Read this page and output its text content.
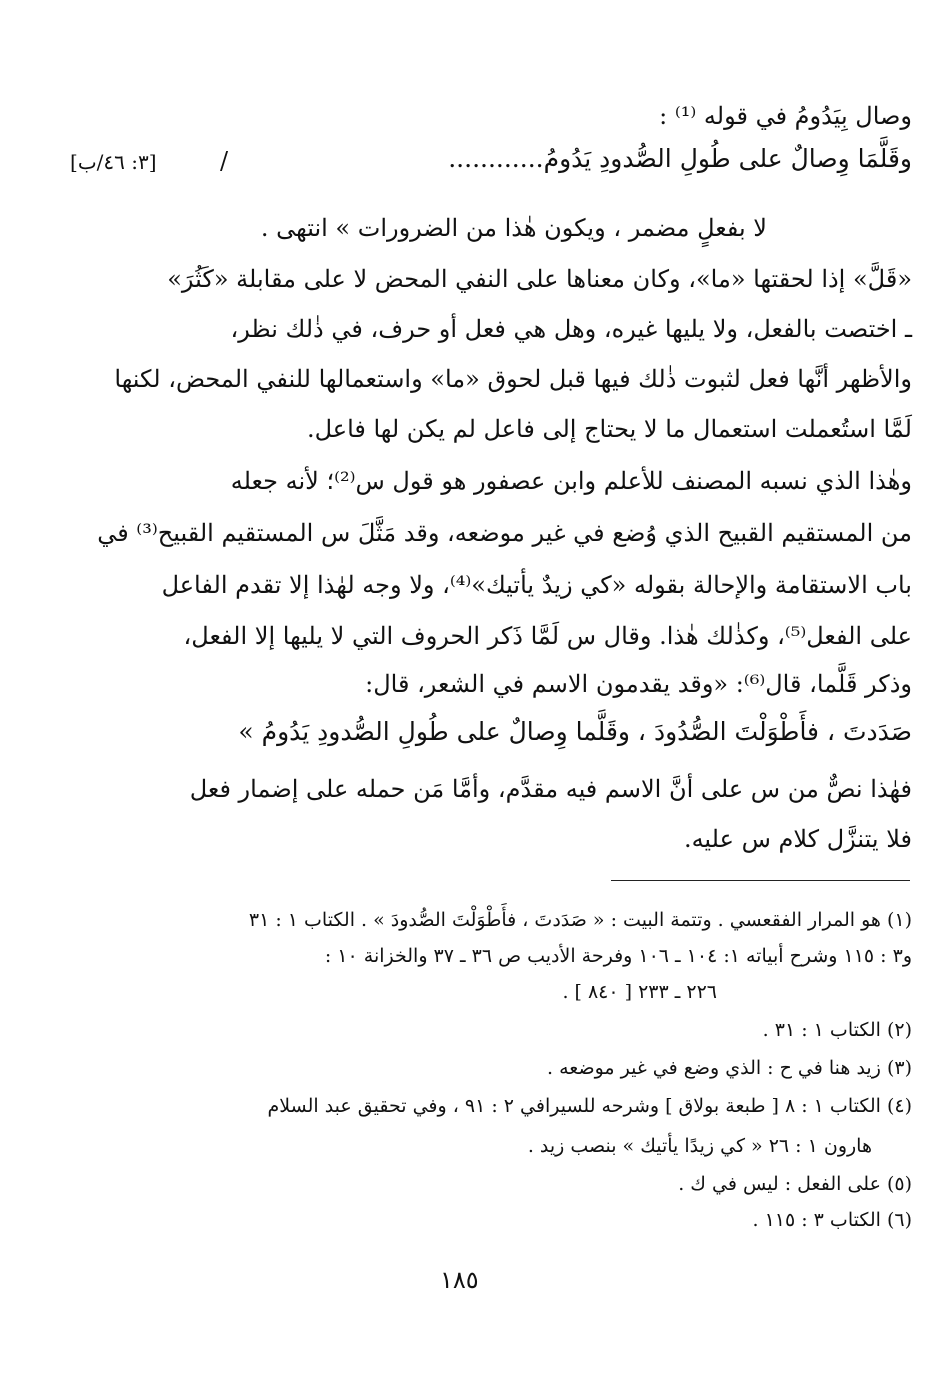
وصال بِيَدُومُ في قوله ⁽¹⁾ :
[٣: ٤٦/ب]	وقَلَّمَا وِصالٌ على طُولِ الصُّدودِ يَدُومُ............
/
لا بفعلٍ مضمر ، ويكون هٰذا من الضرورات » انتهى .
«قَلَّ» إذا لحقتها «ما»، وكان معناها على النفي المحض لا على مقابلة «كَثُرَ»
ـ اختصت بالفعل، ولا يليها غيره، وهل هي فعل أو حرف، في ذٰلك نظر،
والأظهر أنَّها فعل لثبوت ذٰلك فيها قبل لحوق «ما» واستعمالها للنفي المحض، لكنها
لَمَّا استُعملت استعمال ما لا يحتاج إلى فاعل لم يكن لها فاعل.
وهٰذا الذي نسبه المصنف للأعلم وابن عصفور هو قول س⁽²⁾؛ لأنه جعله
من المستقيم القبيح الذي وُضع في غير موضعه، وقد مَثَّلَ س المستقيم القبيح⁽³⁾ في
باب الاستقامة والإحالة بقوله «كي زيدٌ يأتيك»⁽⁴⁾، ولا وجه لهٰذا إلا تقدم الفاعل
على الفعل⁽⁵⁾، وكذٰلك هٰذا. وقال س لَمَّا ذَكر الحروف التي لا يليها إلا الفعل،
وذكر قَلَّما، قال⁽⁶⁾: «وقد يقدمون الاسم في الشعر، قال:
صَدَدتَ ، فأَطْوَلْتَ الصُّدُودَ ، وقَلَّما وِصالٌ على طُولِ الصُّدودِ يَدُومُ »
فهٰذا نصٌّ من س على أنَّ الاسم فيه مقدَّم، وأمَّا مَن حمله على إضمار فعل
فلا يتنزَّل كلام س عليه.
(١) هو المرار الفقعسي . وتتمة البيت : « صَدَدتَ ، فأَطْوَلْتَ الصُّدودَ » . الكتاب ١ : ٣١
و٣ : ١١٥ وشرح أبياته ١: ١٠٤ ـ ١٠٦ وفرحة الأديب ص ٣٦ ـ ٣٧ والخزانة ١٠ :
٢٢٦ ـ ٢٣٣ [ ٨٤٠ ] .
(٢) الكتاب ١ : ٣١ .
(٣) زيد هنا في ح : الذي وضع في غير موضعه .
(٤) الكتاب ١ : ٨ [ طبعة بولاق ] وشرحه للسيرافي ٢ : ٩١ ، وفي تحقيق عبد السلام
هارون ١ : ٢٦ « كي زيدًا يأتيك » بنصب زيد .
(٥) على الفعل : ليس في ك .
(٦) الكتاب ٣ : ١١٥ .
١٨٥
